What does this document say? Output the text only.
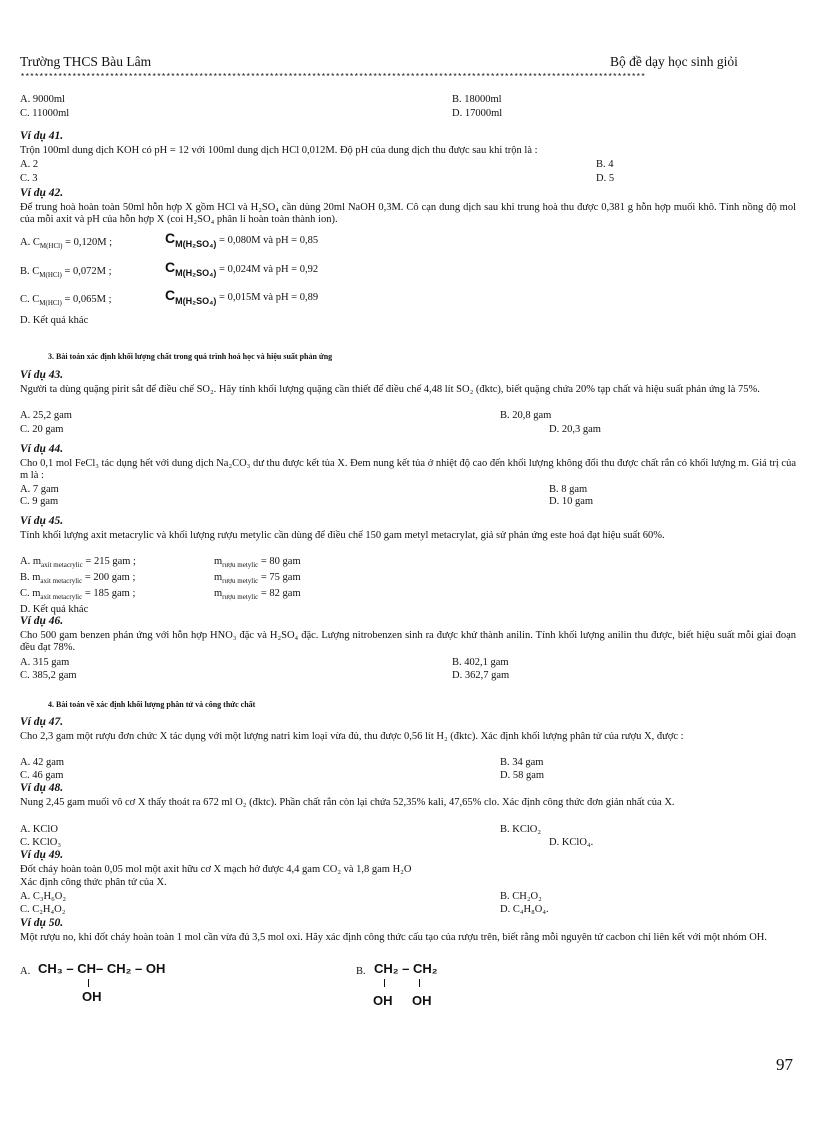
Trường THCS Bàu Lâm	Bộ đề dạy học sinh giỏi
*************************************************************************************************************************************
A. 9000ml	B. 18000ml
C. 11000ml	D. 17000ml
Ví dụ 41.
Trộn 100ml dung dịch KOH có pH = 12 với 100ml dung dịch HCl 0,012M. Độ pH của dung dịch thu được sau khi trộn là :
A. 2	B. 4
C. 3	D. 5
Ví dụ 42.
Để trung hoà hoàn toàn 50ml hỗn hợp X gồm HCl và H₂SO₄ cần dùng 20ml NaOH 0,3M. Cô cạn dung dịch sau khi trung hoà thu được 0,381 g hỗn hợp muối khô. Tính nồng độ mol của mỗi axit và pH của hỗn hợp X (coi H₂SO₄ phân li hoàn toàn thành ion).
A. $C_{M(HCl)} = 0,120M$ ;	$C_{M(H_2SO_4)} = 0,080M$ và pH = 0,85
B. $C_{M(HCl)} = 0,072M$ ;	$C_{M(H_2SO_4)} = 0,024M$ và pH = 0,92
C. $C_{M(HCl)} = 0,065M$ ;	$C_{M(H_2SO_4)} = 0,015M$ và pH = 0,89
D. Kết quả khác
3. Bài toán xác định khối lượng chất trong quá trình hoá học và hiệu suất phản ứng
Ví dụ 43.
Người ta dùng quặng pirit sắt để điều chế SO₂. Hãy tính khối lượng quặng cần thiết để điều chế 4,48 lít SO₂ (đktc), biết quặng chứa 20% tạp chất và hiệu suất phản ứng là 75%.
A. 25,2 gam	B. 20,8 gam
C. 20 gam	D. 20,3 gam
Ví dụ 44.
Cho 0,1 mol FeCl₃ tác dụng hết với dung dịch Na₂CO₃ dư thu được kết tủa X. Đem nung kết tủa ở nhiệt độ cao đến khối lượng không đổi thu được chất rắn có khối lượng m. Giá trị của m là :
A. 7 gam	B. 8 gam
C. 9 gam	D. 10 gam
Ví dụ 45.
Tính khối lượng axit metacrylic và khối lượng rượu metylic cần dùng để điều chế 150 gam metyl metacrylat, giả sử phản ứng este hoá đạt hiệu suất 60%.
A. $m_{axit metacrylic} = 215$ gam ;	$m_{rượu metylic} = 80$ gam
B. $m_{axit metacrylic} = 200$ gam ;	$m_{rượu metylic} = 75$ gam
C. $m_{axit metacrylic} = 185$ gam ;	$m_{rượu metylic} = 82$ gam
D. Kết quả khác
Ví dụ 46.
Cho 500 gam benzen phản ứng với hỗn hợp HNO₃ đặc và H₂SO₄ đặc. Lượng nitrobenzen sinh ra được khử thành anilin. Tính khối lượng anilin thu được, biết hiệu suất mỗi giai đoạn đều đạt 78%.
A. 315 gam	B. 402,1 gam
C. 385,2 gam	D. 362,7 gam
4. Bài toán về xác định khối lượng phân tử và công thức chất
Ví dụ 47.
Cho 2,3 gam một rượu đơn chức X tác dụng với một lượng natri kim loại vừa đủ, thu được 0,56 lít H₂ (đktc). Xác định khối lượng phân tử của rượu X, được :
A. 42 gam	B. 34 gam
C. 46 gam	D. 58 gam
Ví dụ 48.
Nung 2,45 gam muối vô cơ X thấy thoát ra 672 ml O₂ (đktc). Phần chất rắn còn lại chứa 52,35% kali, 47,65% clo. Xác định công thức đơn giản nhất của X.
A. KClO	B. KClO₂
C. KClO₃	D. KClO₄.
Ví dụ 49.
Đốt cháy hoàn toàn 0,05 mol một axit hữu cơ X mạch hở được 4,4 gam CO₂ và 1,8 gam H₂O
Xác định công thức phân tử của X.
A. C₃H₆O₂	B. CH₂O₂
C. C₂H₄O₂	D. C₄H₈O₄.
Ví dụ 50.
Một rượu no, khi đốt cháy hoàn toàn 1 mol cần vừa đủ 3,5 mol oxi. Hãy xác định công thức cấu tạo của rượu trên, biết rằng mỗi nguyên tử cacbon chỉ liên kết với một nhóm OH.
A. CH₃ – CH– CH₂ – OH
OH
B. CH₂ – CH₂
OH OH
97
